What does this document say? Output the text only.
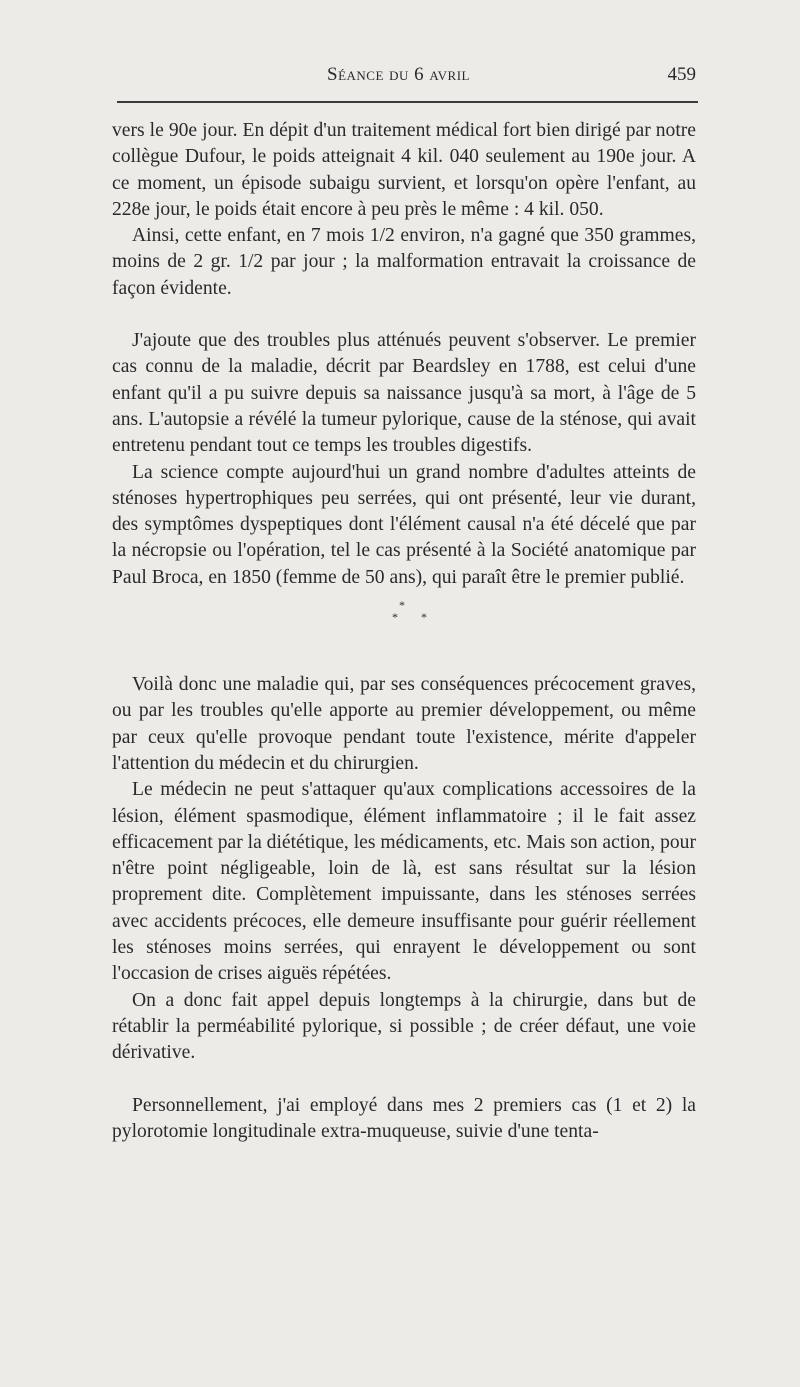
Séance du 6 avril	459

vers le 90e jour. En dépit d'un traitement médical fort bien dirigé par notre collègue Dufour, le poids atteignait 4 kil. 040 seulement au 190e jour. A ce moment, un épisode subaigu survient, et lorsqu'on opère l'enfant, au 228e jour, le poids était encore à peu près le même : 4 kil. 050.

Ainsi, cette enfant, en 7 mois 1/2 environ, n'a gagné que 350 grammes, moins de 2 gr. 1/2 par jour ; la malformation entravait la croissance de façon évidente.

J'ajoute que des troubles plus atténués peuvent s'observer. Le premier cas connu de la maladie, décrit par Beardsley en 1788, est celui d'une enfant qu'il a pu suivre depuis sa naissance jusqu'à sa mort, à l'âge de 5 ans. L'autopsie a révélé la tumeur pylorique, cause de la sténose, qui avait entretenu pendant tout ce temps les troubles digestifs.

La science compte aujourd'hui un grand nombre d'adultes atteints de sténoses hypertrophiques peu serrées, qui ont présenté, leur vie durant, des symptômes dyspeptiques dont l'élément causal n'a été décelé que par la nécropsie ou l'opération, tel le cas présenté à la Société anatomique par Paul Broca, en 1850 (femme de 50 ans), qui paraît être le premier publié.

*
* *

Voilà donc une maladie qui, par ses conséquences précocement graves, ou par les troubles qu'elle apporte au premier développement, ou même par ceux qu'elle provoque pendant toute l'existence, mérite d'appeler l'attention du médecin et du chirurgien.

Le médecin ne peut s'attaquer qu'aux complications accessoires de la lésion, élément spasmodique, élément inflammatoire ; il le fait assez efficacement par la diététique, les médicaments, etc. Mais son action, pour n'être point négligeable, loin de là, est sans résultat sur la lésion proprement dite. Complètement impuissante, dans les sténoses serrées avec accidents précoces, elle demeure insuffisante pour guérir réellement les sténoses moins serrées, qui enrayent le développement ou sont l'occasion de crises aiguës répétées.

On a donc fait appel depuis longtemps à la chirurgie, dans but de rétablir la perméabilité pylorique, si possible ; de créer défaut, une voie dérivative.

Personnellement, j'ai employé dans mes 2 premiers cas (1 et 2) la pylorotomie longitudinale extra-muqueuse, suivie d'une tenta-
